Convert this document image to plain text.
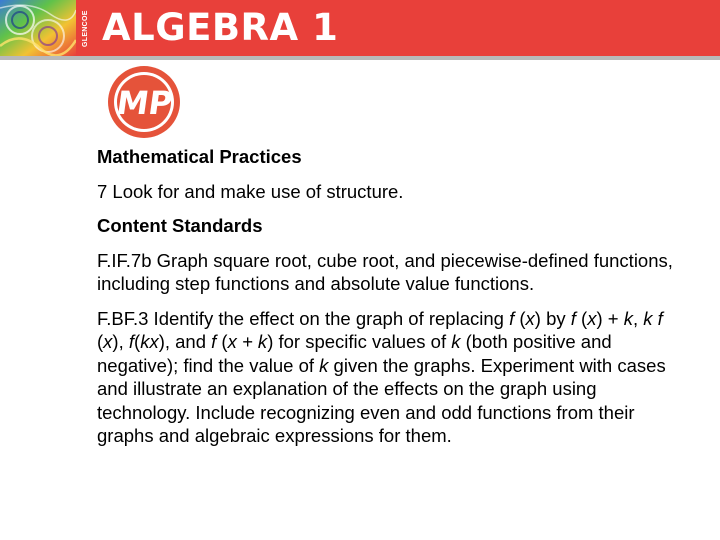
GLENCOE ALGEBRA 1
MP
Mathematical Practices
7 Look for and make use of structure.
Content Standards
F.IF.7b Graph square root, cube root, and piecewise-defined functions, including step functions and absolute value functions.
F.BF.3 Identify the effect on the graph of replacing f (x) by f (x) + k, k f (x), f(kx), and f (x + k) for specific values of k (both positive and negative); find the value of k given the graphs. Experiment with cases and illustrate an explanation of the effects on the graph using technology. Include recognizing even and odd functions from their graphs and algebraic expressions for them.
